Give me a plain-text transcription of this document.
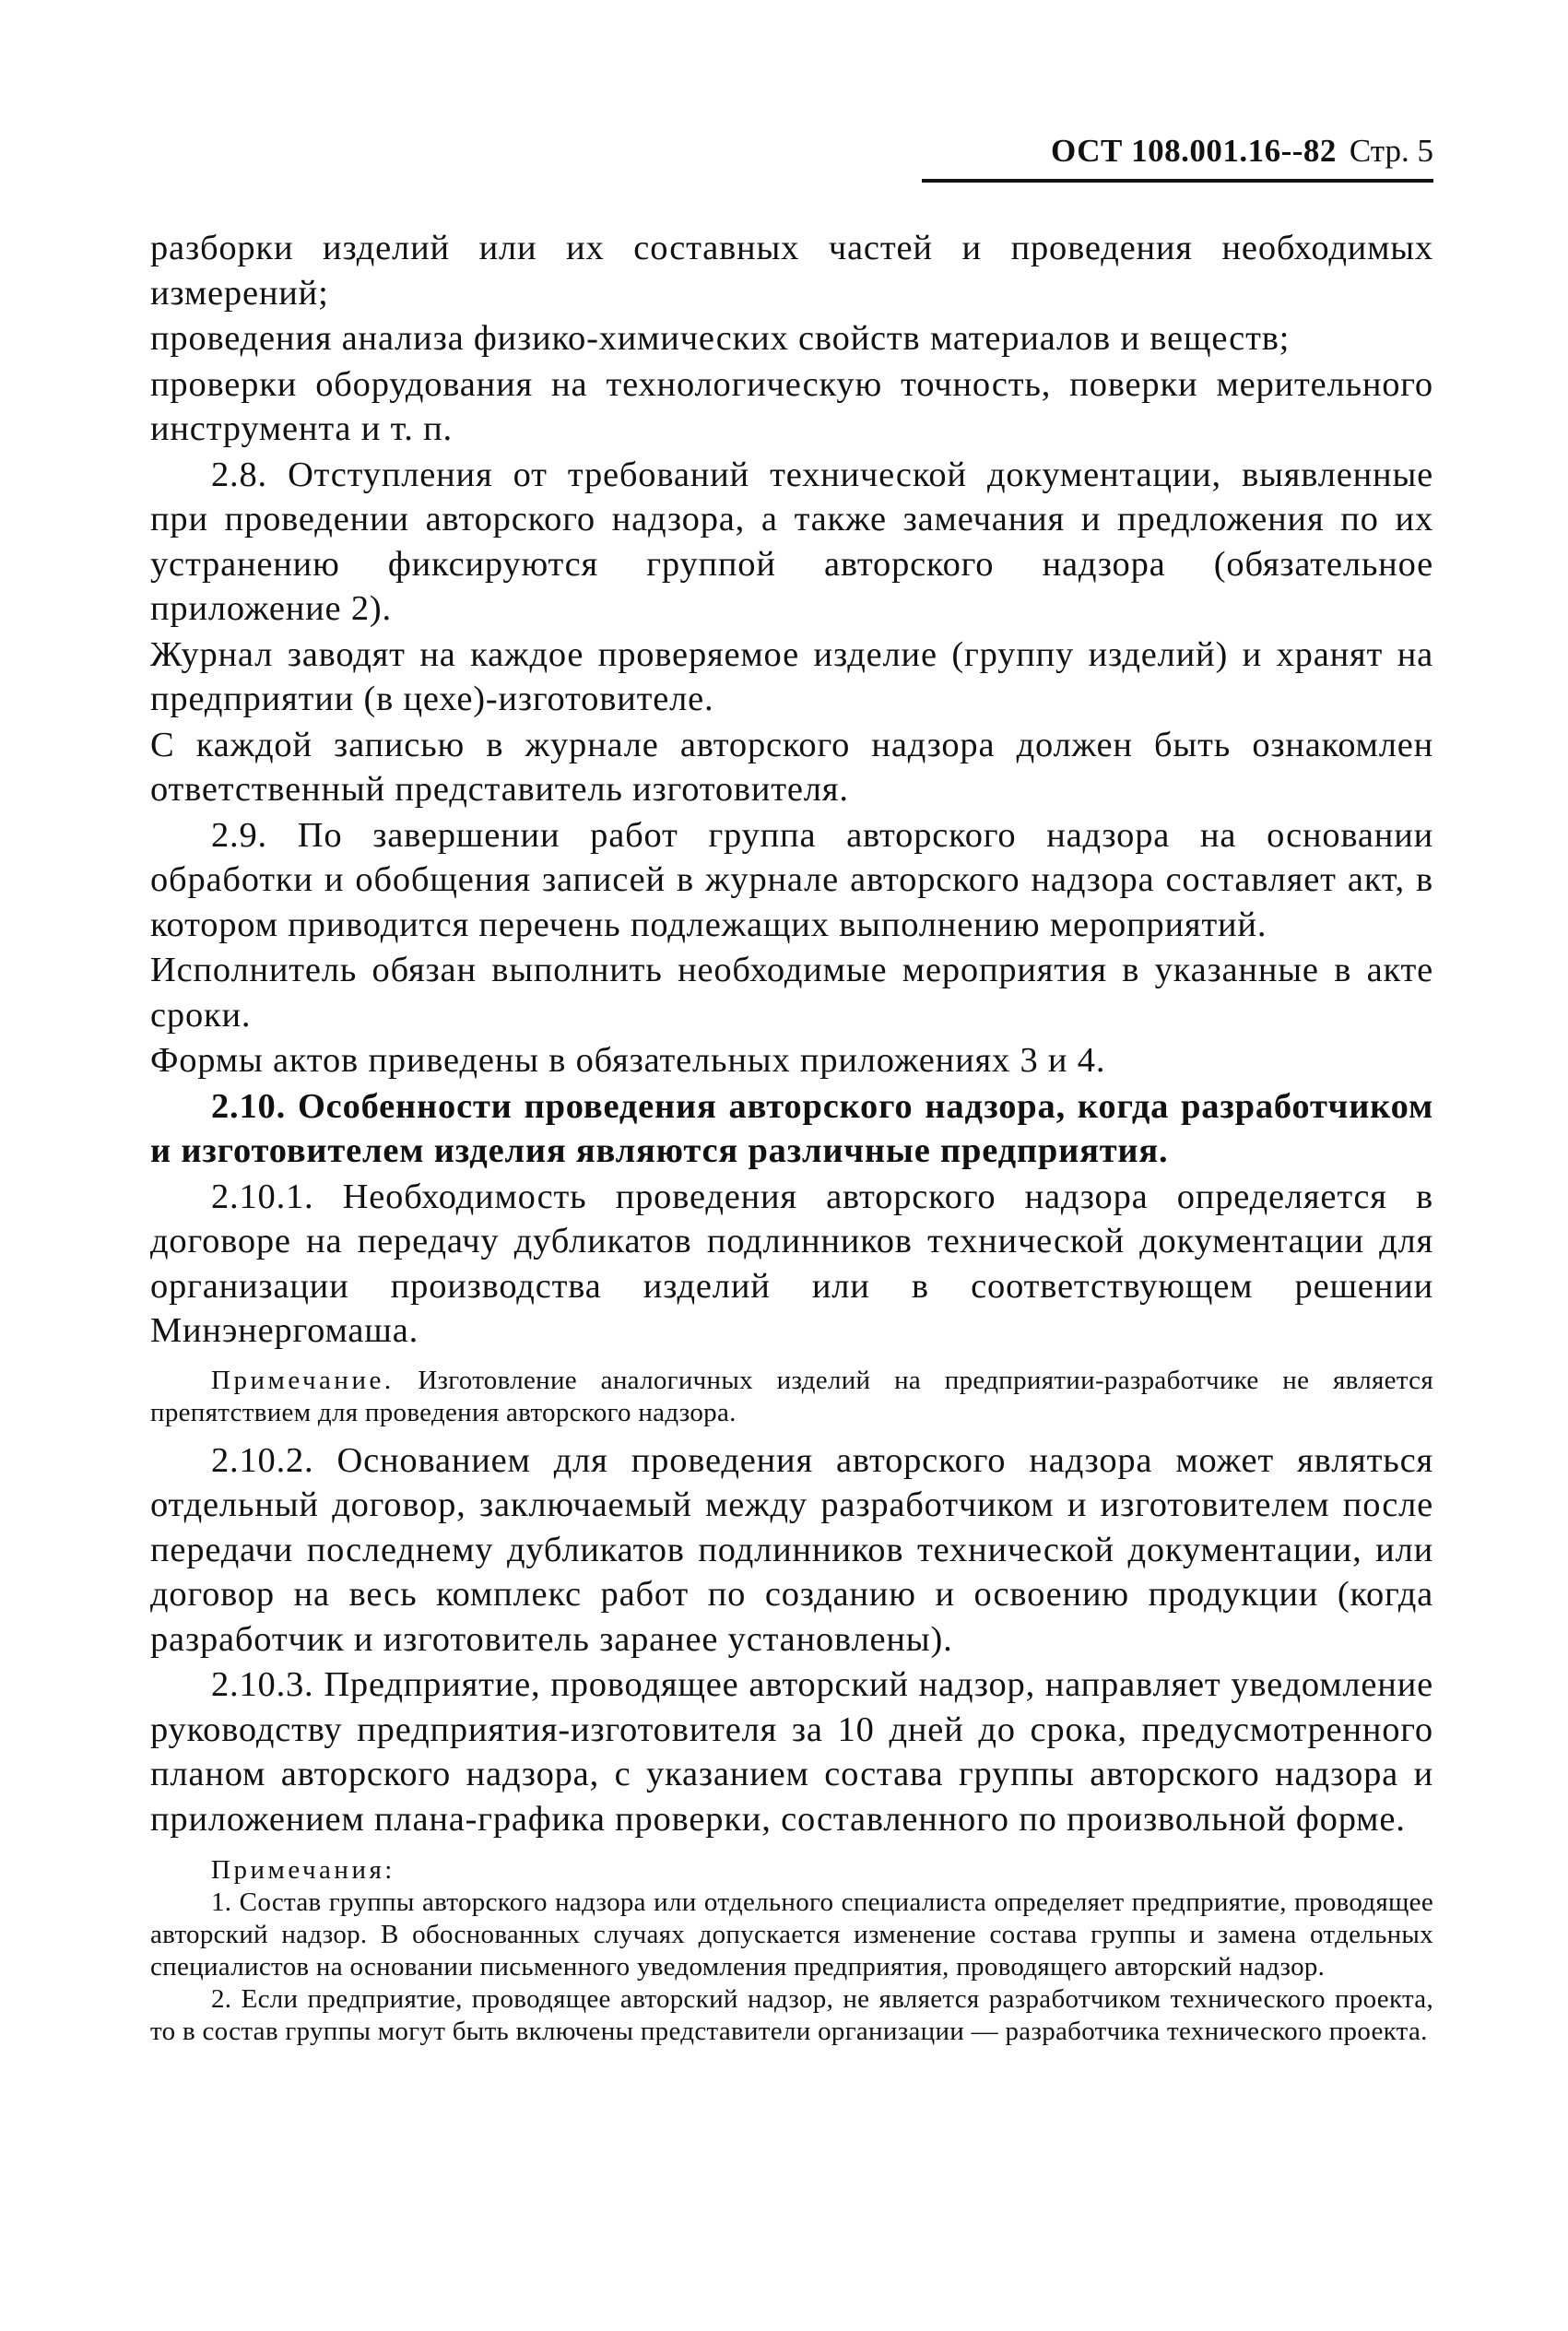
ОСТ 108.001.16--82 Стр. 5

разборки изделий или их составных частей и проведения необходимых измерений;

проведения анализа физико-химических свойств материалов и веществ;

проверки оборудования на технологическую точность, поверки мерительного инструмента и т. п.

2.8. Отступления от требований технической документации, выявленные при проведении авторского надзора, а также замечания и предложения по их устранению фиксируются группой авторского надзора (обязательное приложение 2).

Журнал заводят на каждое проверяемое изделие (группу изделий) и хранят на предприятии (в цехе)-изготовителе.

С каждой записью в журнале авторского надзора должен быть ознакомлен ответственный представитель изготовителя.

2.9. По завершении работ группа авторского надзора на основании обработки и обобщения записей в журнале авторского надзора составляет акт, в котором приводится перечень подлежащих выполнению мероприятий.

Исполнитель обязан выполнить необходимые мероприятия в указанные в акте сроки.

Формы актов приведены в обязательных приложениях 3 и 4.

2.10. Особенности проведения авторского надзора, когда разработчиком и изготовителем изделия являются различные предприятия.

2.10.1. Необходимость проведения авторского надзора определяется в договоре на передачу дубликатов подлинников технической документации для организации производства изделий или в соответствующем решении Минэнергомаша.

Примечание. Изготовление аналогичных изделий на предприятии-разработчике не является препятствием для проведения авторского надзора.

2.10.2. Основанием для проведения авторского надзора может являться отдельный договор, заключаемый между разработчиком и изготовителем после передачи последнему дубликатов подлинников технической документации, или договор на весь комплекс работ по созданию и освоению продукции (когда разработчик и изготовитель заранее установлены).

2.10.3. Предприятие, проводящее авторский надзор, направляет уведомление руководству предприятия-изготовителя за 10 дней до срока, предусмотренного планом авторского надзора, с указанием состава группы авторского надзора и приложением плана-графика проверки, составленного по произвольной форме.

Примечания:

1. Состав группы авторского надзора или отдельного специалиста определяет предприятие, проводящее авторский надзор. В обоснованных случаях допускается изменение состава группы и замена отдельных специалистов на основании письменного уведомления предприятия, проводящего авторский надзор.

2. Если предприятие, проводящее авторский надзор, не является разработчиком технического проекта, то в состав группы могут быть включены представители организации — разработчика технического проекта.
